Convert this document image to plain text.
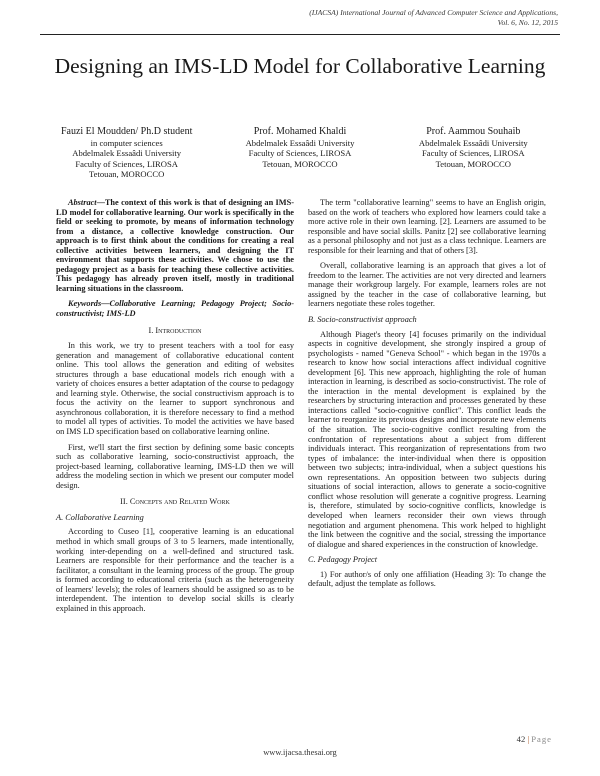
(IJACSA) International Journal of Advanced Computer Science and Applications,
Vol. 6, No. 12, 2015
Designing an IMS-LD Model for Collaborative Learning
Fauzi El Moudden/ Ph.D student
in computer sciences
Abdelmalek Essaâdi University
Faculty of Sciences, LIROSA
Tetouan, MOROCCO
Prof. Mohamed Khaldi
Abdelmalek Essaâdi University
Faculty of Sciences, LIROSA
Tetouan, MOROCCO
Prof. Aammou Souhaib
Abdelmalek Essaâdi University
Faculty of Sciences, LIROSA
Tetouan, MOROCCO

Abstract—The context of this work is that of designing an IMS-LD model for collaborative learning. Our work is specifically in the field or seeking to promote, by means of information technology from a distance, a collective knowledge construction. Our approach is to first think about the conditions for creating a real collective activities between learners, and designing the IT environment that supports these activities. We chose to use the pedagogy project as a basis for teaching these collective activities. This pedagogy has already proven itself, mostly in traditional learning situations in the classroom.

Keywords—Collaborative Learning; Pedagogy Project; Socio-constructivist; IMS-LD

I. Introduction

In this work, we try to present teachers with a tool for easy generation and management of collaborative educational content online. This tool allows the generation and editing of websites structures through a base educational models rich enough with a variety of choices ensures a better adaptation of the course to pedagogy and learning style. Otherwise, the social constructivism approach is to focus the activity on the learner to support synchronous and asynchronous collaboration, it is therefore necessary to find a method to model all types of activities. To model the activities we have based on IMS LD specification based on collaborative learning online.

First, we'll start the first section by defining some basic concepts such as collaborative learning, socio-constructivist approach, the project-based learning, collaborative learning, IMS-LD then we will address the modeling section in which we present our computer model design.

II. Concepts and Related Work
A. Collaborative Learning

According to Cuseo [1], cooperative learning is an educational method in which small groups of 3 to 5 learners, made intentionally, working inter-depending on a well-defined and structured task. Learners are responsible for their performance and the teacher is a facilitator, a consultant in the learning process of the group. The group is formed according to educational criteria (such as the heterogeneity of learners' levels); the roles of learners should be assigned so as to be interdependent. The intention to develop social skills is clearly explained in this approach.

The term "collaborative learning" seems to have an English origin, based on the work of teachers who explored how learners could take a more active role in their own learning. [2]. Learners are assumed to be responsible and have social skills. Panitz [2] see collaborative learning as a personal philosophy and not just as a class technique. Learners are responsible for their learning and that of others [3].

Overall, collaborative learning is an approach that gives a lot of freedom to the learner. The activities are not very directed and learners manage their workgroup largely. For example, learners roles are not assigned by the teacher in the case of collaborative learning, but learners negotiate these roles together.

B. Socio-constructivist approach

Although Piaget's theory [4] focuses primarily on the individual aspects in cognitive development, she strongly inspired a group of psychologists - named "Geneva School" - which began in the 1970s a research to know how social interactions affect individual cognitive development [6]. This new approach, highlighting the role of human interaction in learning, is described as socio-constructivist. The role of the interaction in the mental development is explained by the researchers by structuring interaction and processes generated by these interactions called "socio-cognitive conflict". This conflict leads the learner to reorganize its previous designs and incorporate new elements of the situation. The socio-cognitive conflict resulting from the confrontation of representations about a subject from different individuals interact. This reorganization of representations from two types of imbalance: the inter-individual when there is opposition between two subjects; intra-individual, when a subject questions his own representations. An opposition between two subjects during situations of social interaction, allows to generate a socio-cognitive conflict whose resolution will generate a cognitive progress. Learning is, therefore, stimulated by socio-cognitive conflicts, knowledge is developed when learners reconsider their own views through negotiation and argument phenomena. This work helped to highlight the link between the cognitive and the social, stressing the importance of dialogue and shared experiences in the construction of knowledge.

C. Pedagogy Project

1) For author/s of only one affiliation (Heading 3): To change the default, adjust the template as follows.

42 | Page
www.ijacsa.thesai.org
